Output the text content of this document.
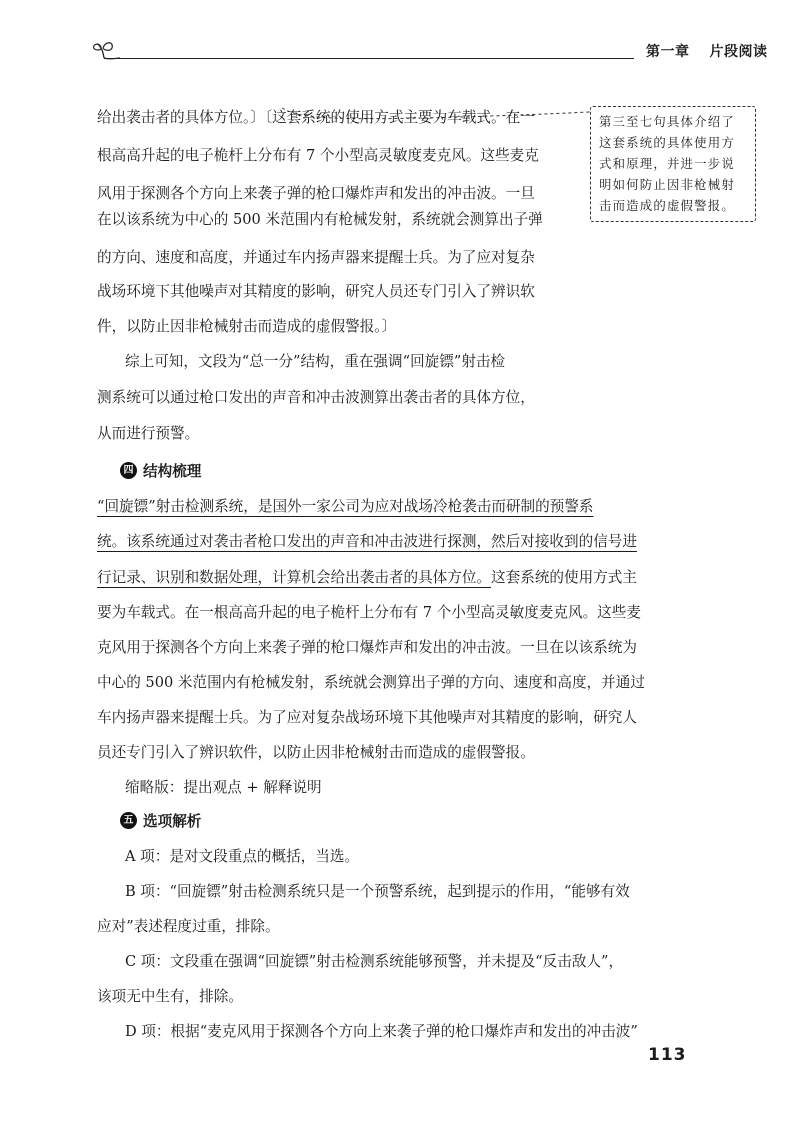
第一章 片段阅读
给出袭击者的具体方位。〕〔这套系统的使用方式主要为车载式。在一
根高高升起的电子桅杆上分布有 7 个小型高灵敏度麦克风。这些麦克
风用于探测各个方向上来袭子弹的枪口爆炸声和发出的冲击波。一旦
在以该系统为中心的 500 米范围内有枪械发射，系统就会测算出子弹
的方向、速度和高度，并通过车内扬声器来提醒士兵。为了应对复杂
战场环境下其他噪声对其精度的影响，研究人员还专门引入了辨识软
件，以防止因非枪械射击而造成的虚假警报。〕
综上可知，文段为“总一分”结构，重在强调“回旋镖”射击检
测系统可以通过枪口发出的声音和冲击波测算出袭击者的具体方位，
从而进行预警。
第三至七句具体介绍了
这套系统的具体使用方
式和原理，并进一步说
明如何防止因非枪械射
击而造成的虚假警报。
四 结构梳理
“回旋镖”射击检测系统，是国外一家公司为应对战场冷枪袭击而研制的预警系
统。该系统通过对袭击者枪口发出的声音和冲击波进行探测，然后对接收到的信号进
行记录、识别和数据处理，计算机会给出袭击者的具体方位。这套系统的使用方式主
要为车载式。在一根高高升起的电子桅杆上分布有 7 个小型高灵敏度麦克风。这些麦
克风用于探测各个方向上来袭子弹的枪口爆炸声和发出的冲击波。一旦在以该系统为
中心的 500 米范围内有枪械发射，系统就会测算出子弹的方向、速度和高度，并通过
车内扬声器来提醒士兵。为了应对复杂战场环境下其他噪声对其精度的影响，研究人
员还专门引入了辨识软件，以防止因非枪械射击而造成的虚假警报。
缩略版：提出观点 + 解释说明
五 选项解析
A 项：是对文段重点的概括，当选。
B 项：“回旋镖”射击检测系统只是一个预警系统，起到提示的作用，“能够有效
应对”表述程度过重，排除。
C 项：文段重在强调“回旋镖”射击检测系统能够预警，并未提及“反击敌人”，
该项无中生有，排除。
D 项：根据“麦克风用于探测各个方向上来袭子弹的枪口爆炸声和发出的冲击波”
113
